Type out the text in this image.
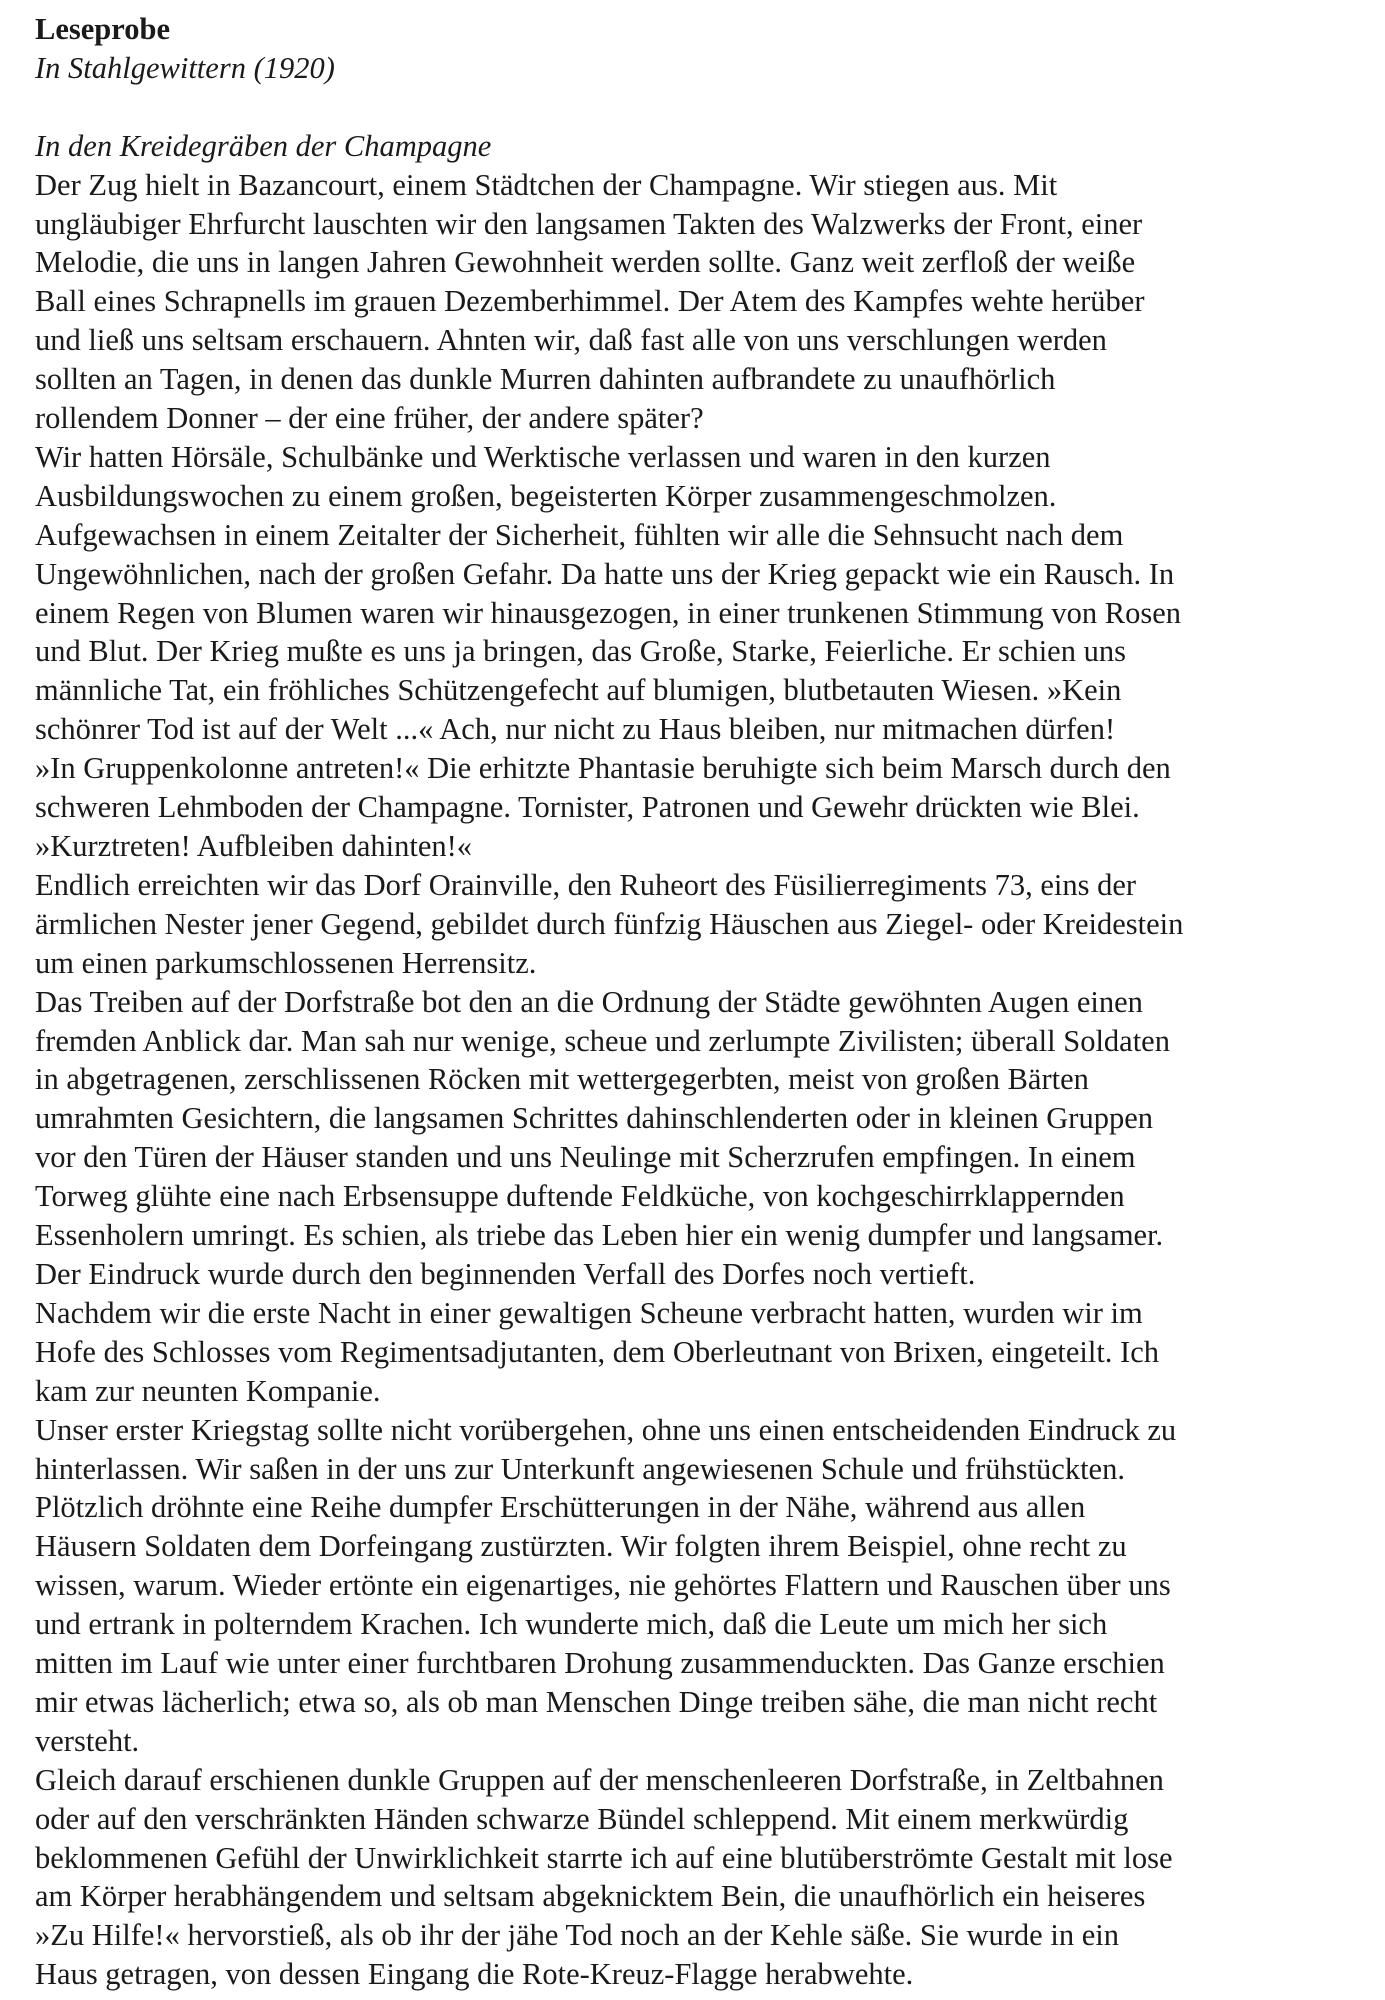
Leseprobe
In Stahlgewittern (1920)
In den Kreidegräben der Champagne
Der Zug hielt in Bazancourt, einem Städtchen der Champagne. Wir stiegen aus. Mit
ungläubiger Ehrfurcht lauschten wir den langsamen Takten des Walzwerks der Front, einer
Melodie, die uns in langen Jahren Gewohnheit werden sollte. Ganz weit zerfloß der weiße
Ball eines Schrapnells im grauen Dezemberhimmel. Der Atem des Kampfes wehte herüber
und ließ uns seltsam erschauern. Ahnten wir, daß fast alle von uns verschlungen werden
sollten an Tagen, in denen das dunkle Murren dahinten aufbrandete zu unaufhörlich
rollendem Donner – der eine früher, der andere später?
Wir hatten Hörsäle, Schulbänke und Werktische verlassen und waren in den kurzen
Ausbildungswochen zu einem großen, begeisterten Körper zusammengeschmolzen.
Aufgewachsen in einem Zeitalter der Sicherheit, fühlten wir alle die Sehnsucht nach dem
Ungewöhnlichen, nach der großen Gefahr. Da hatte uns der Krieg gepackt wie ein Rausch. In
einem Regen von Blumen waren wir hinausgezogen, in einer trunkenen Stimmung von Rosen
und Blut. Der Krieg mußte es uns ja bringen, das Große, Starke, Feierliche. Er schien uns
männliche Tat, ein fröhliches Schützengefecht auf blumigen, blutbetauten Wiesen. »Kein
schönrer Tod ist auf der Welt ...« Ach, nur nicht zu Haus bleiben, nur mitmachen dürfen!
»In Gruppenkolonne antreten!« Die erhitzte Phantasie beruhigte sich beim Marsch durch den
schweren Lehmboden der Champagne. Tornister, Patronen und Gewehr drückten wie Blei.
»Kurztreten! Aufbleiben dahinten!«
Endlich erreichten wir das Dorf Orainville, den Ruheort des Füsilierregiments 73, eins der
ärmlichen Nester jener Gegend, gebildet durch fünfzig Häuschen aus Ziegel- oder Kreidestein
um einen parkumschlossenen Herrensitz.
Das Treiben auf der Dorfstraße bot den an die Ordnung der Städte gewöhnten Augen einen
fremden Anblick dar. Man sah nur wenige, scheue und zerlumpte Zivilisten; überall Soldaten
in abgetragenen, zerschlissenen Röcken mit wettergegerbten, meist von großen Bärten
umrahmten Gesichtern, die langsamen Schrittes dahinschlenderten oder in kleinen Gruppen
vor den Türen der Häuser standen und uns Neulinge mit Scherzrufen empfingen. In einem
Torweg glühte eine nach Erbsensuppe duftende Feldküche, von kochgeschirrklappernden
Essenholern umringt. Es schien, als triebe das Leben hier ein wenig dumpfer und langsamer.
Der Eindruck wurde durch den beginnenden Verfall des Dorfes noch vertieft.
Nachdem wir die erste Nacht in einer gewaltigen Scheune verbracht hatten, wurden wir im
Hofe des Schlosses vom Regimentsadjutanten, dem Oberleutnant von Brixen, eingeteilt. Ich
kam zur neunten Kompanie.
Unser erster Kriegstag sollte nicht vorübergehen, ohne uns einen entscheidenden Eindruck zu
hinterlassen. Wir saßen in der uns zur Unterkunft angewiesenen Schule und frühstückten.
Plötzlich dröhnte eine Reihe dumpfer Erschütterungen in der Nähe, während aus allen
Häusern Soldaten dem Dorfeingang zustürzten. Wir folgten ihrem Beispiel, ohne recht zu
wissen, warum. Wieder ertönte ein eigenartiges, nie gehörtes Flattern und Rauschen über uns
und ertrank in polterndem Krachen. Ich wunderte mich, daß die Leute um mich her sich
mitten im Lauf wie unter einer furchtbaren Drohung zusammenduckten. Das Ganze erschien
mir etwas lächerlich; etwa so, als ob man Menschen Dinge treiben sähe, die man nicht recht
versteht.
Gleich darauf erschienen dunkle Gruppen auf der menschenleeren Dorfstraße, in Zeltbahnen
oder auf den verschränkten Händen schwarze Bündel schleppend. Mit einem merkwürdig
beklommenen Gefühl der Unwirklichkeit starrte ich auf eine blutüberströmte Gestalt mit lose
am Körper herabhängendem und seltsam abgeknicktem Bein, die unaufhörlich ein heiseres
»Zu Hilfe!« hervorstieß, als ob ihr der jähe Tod noch an der Kehle säße. Sie wurde in ein
Haus getragen, von dessen Eingang die Rote-Kreuz-Flagge herabwehte.
